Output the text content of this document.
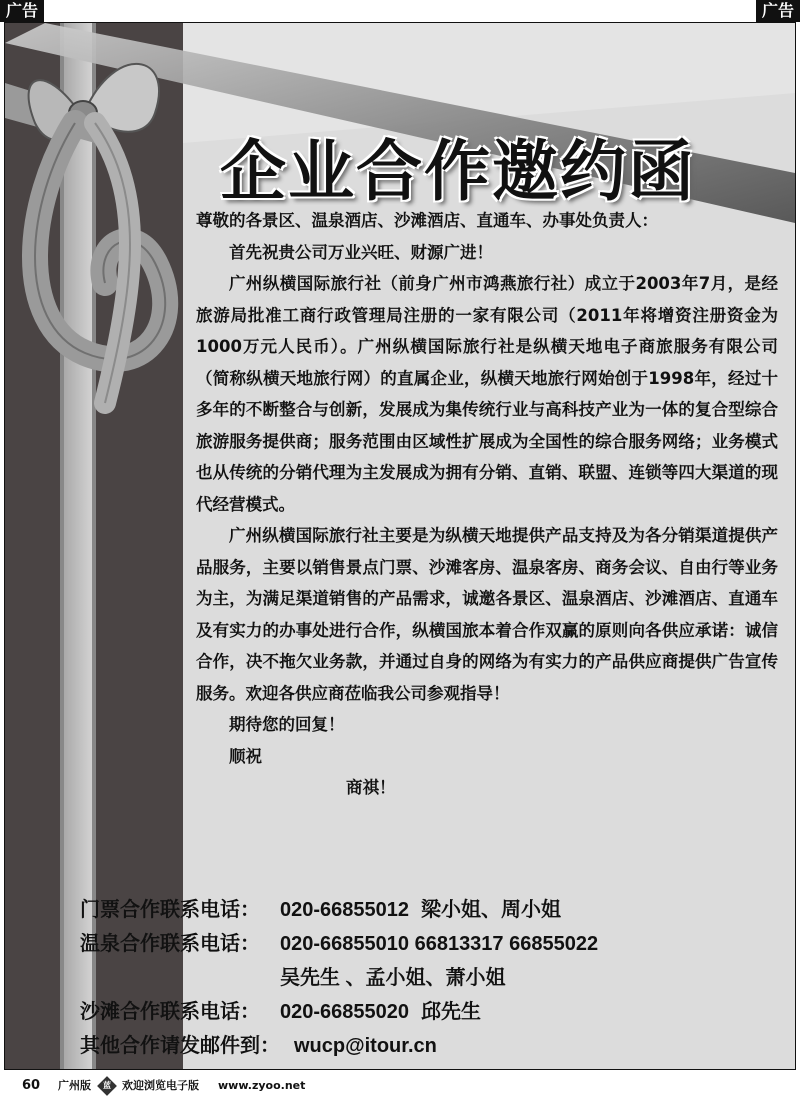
广告	广告
企业合作邀约函

尊敬的各景区、温泉酒店、沙滩酒店、直通车、办事处负责人：

首先祝贵公司万业兴旺、财源广进！

广州纵横国际旅行社（前身广州市鸿燕旅行社）成立于2003年7月，是经旅游局批准工商行政管理局注册的一家有限公司（2011年将增资注册资金为1000万元人民币）。广州纵横国际旅行社是纵横天地电子商旅服务有限公司（简称纵横天地旅行网）的直属企业，纵横天地旅行网始创于1998年，经过十多年的不断整合与创新，发展成为集传统行业与高科技产业为一体的复合型综合旅游服务提供商；服务范围由区域性扩展成为全国性的综合服务网络；业务模式也从传统的分销代理为主发展成为拥有分销、直销、联盟、连锁等四大渠道的现代经营模式。

广州纵横国际旅行社主要是为纵横天地提供产品支持及为各分销渠道提供产品服务，主要以销售景点门票、沙滩客房、温泉客房、商务会议、自由行等业务为主，为满足渠道销售的产品需求，诚邀各景区、温泉酒店、沙滩酒店、直通车及有实力的办事处进行合作，纵横国旅本着合作双赢的原则向各供应承诺：诚信合作，决不拖欠业务款，并通过自身的网络为有实力的产品供应商提供广告宣传服务。欢迎各供应商莅临我公司参观指导！

期待您的回复！

顺祝

商祺！

门票合作联系电话：	020-66855012 梁小姐、周小姐
温泉合作联系电话：	020-66855010 66813317 66855022
吴先生 、孟小姐、萧小姐
沙滩合作联系电话：	020-66855020 邱先生
其他合作请发邮件到： wucp@itour.cn
60 广州版 蓝 欢迎浏览电子版 www.zyoo.net
